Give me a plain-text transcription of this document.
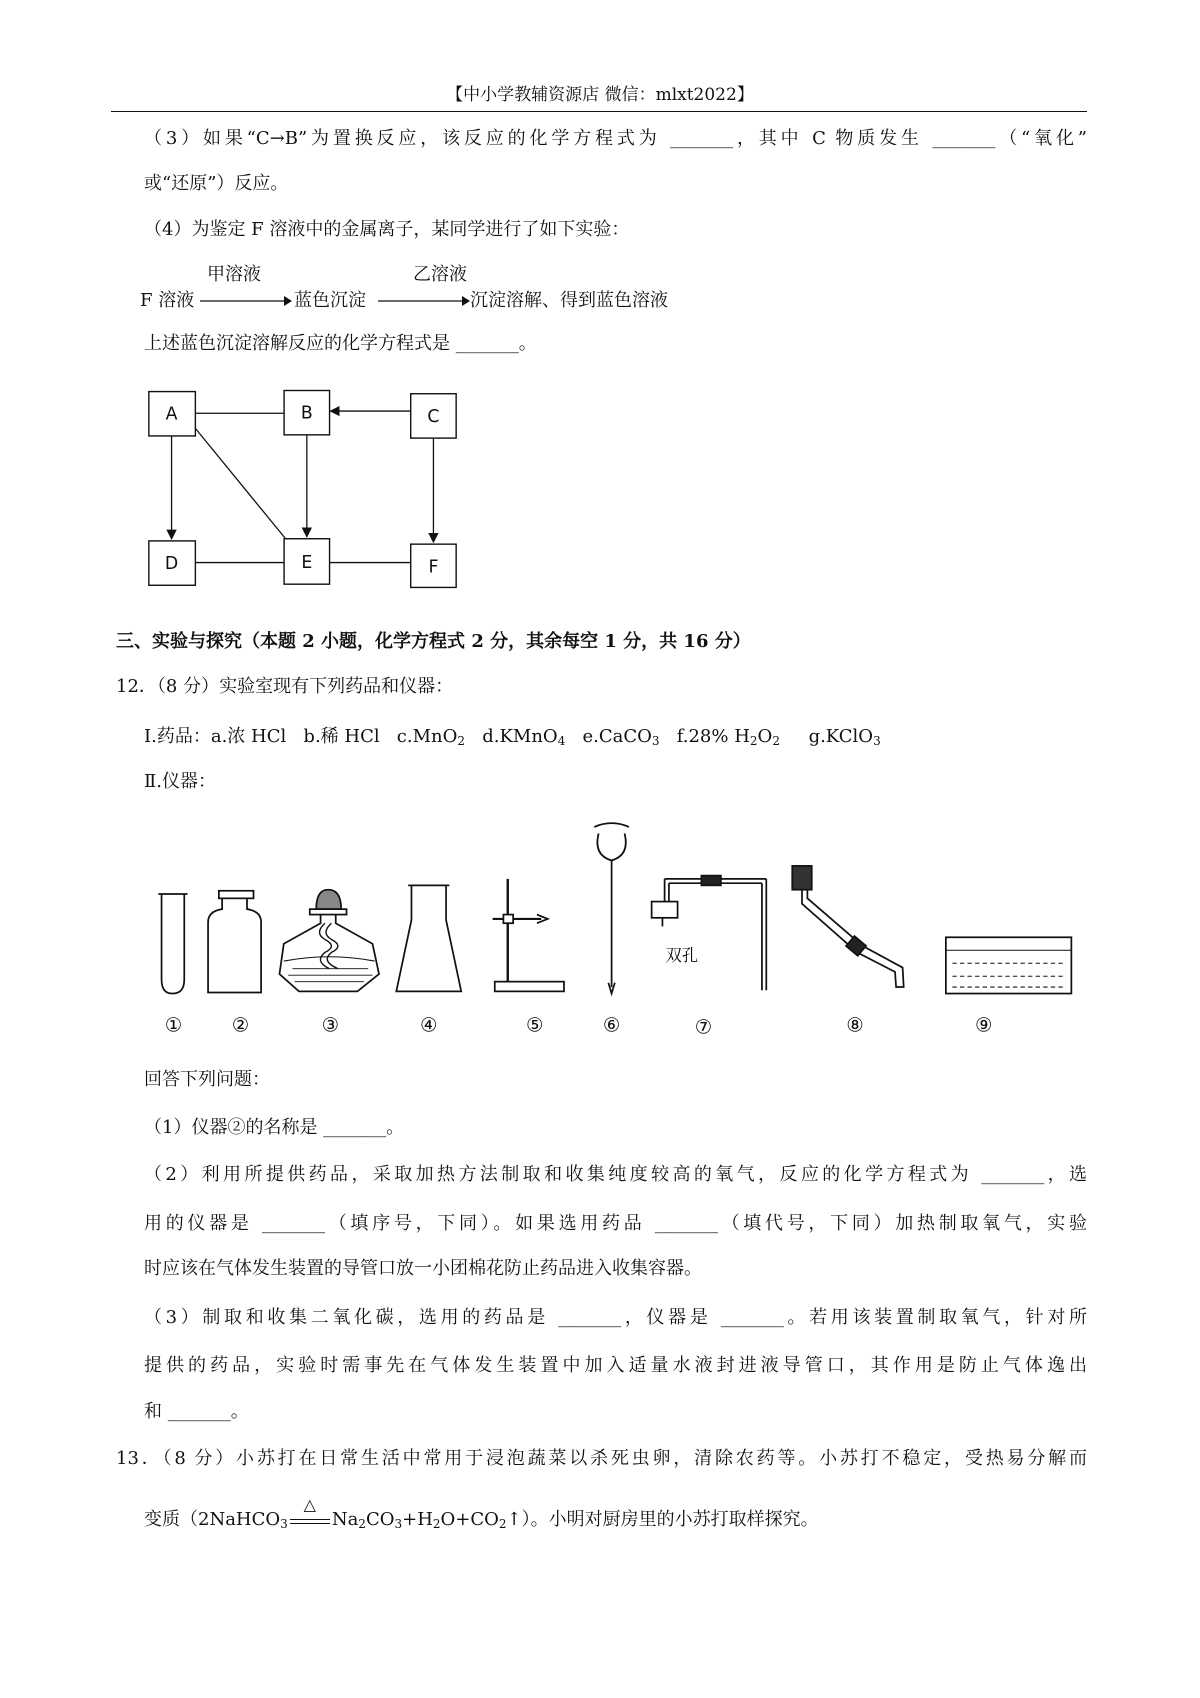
【中小学教辅资源店 微信：mlxt2022】
（3）如果“C→B”为置换反应，该反应的化学方程式为 _______，其中 C 物质发生 _______（“氧化”
或“还原”）反应。
（4）为鉴定 F 溶液中的金属离子，某同学进行了如下实验：
F 溶液
甲溶液
蓝色沉淀
乙溶液
沉淀溶解、得到蓝色溶液
上述蓝色沉淀溶解反应的化学方程式是 _______。
A	B	C
D	E	F
三、实验与探究（本题 2 小题，化学方程式 2 分，其余每空 1 分，共 16 分）
12．（8 分）实验室现有下列药品和仪器：
Ⅰ.药品：a.浓 HCl b.稀 HCl c.MnO$_2$ d.KMnO$_4$ e.CaCO$_3$ f.28% $H_2O_2$ g.KClO$_3$
Ⅱ.仪器：
双孔
①	②	③	④	⑤	⑥	⑦	⑧	⑨
回答下列问题：
（1）仪器②的名称是 _______。
（2）利用所提供药品，采取加热方法制取和收集纯度较高的氧气，反应的化学方程式为 _______，选
用的仪器是 _______（填序号，下同）。如果选用药品 _______（填代号，下同）加热制取氧气，实验
时应该在气体发生装置的导管口放一小团棉花防止药品进入收集容器。
（3）制取和收集二氧化碳，选用的药品是 _______，仪器是 _______。若用该装置制取氧气，针对所
提供的药品，实验时需事先在气体发生装置中加入适量水液封进液导管口，其作用是防止气体逸出
和 _______。
13．（8 分）小苏打在日常生活中常用于浸泡蔬菜以杀死虫卵，清除农药等。小苏打不稳定，受热易分解而
变质（2NaHCO$_3$
△
$Na_2CO_3+H_2O+CO_2↑$）。小明对厨房里的小苏打取样探究。
